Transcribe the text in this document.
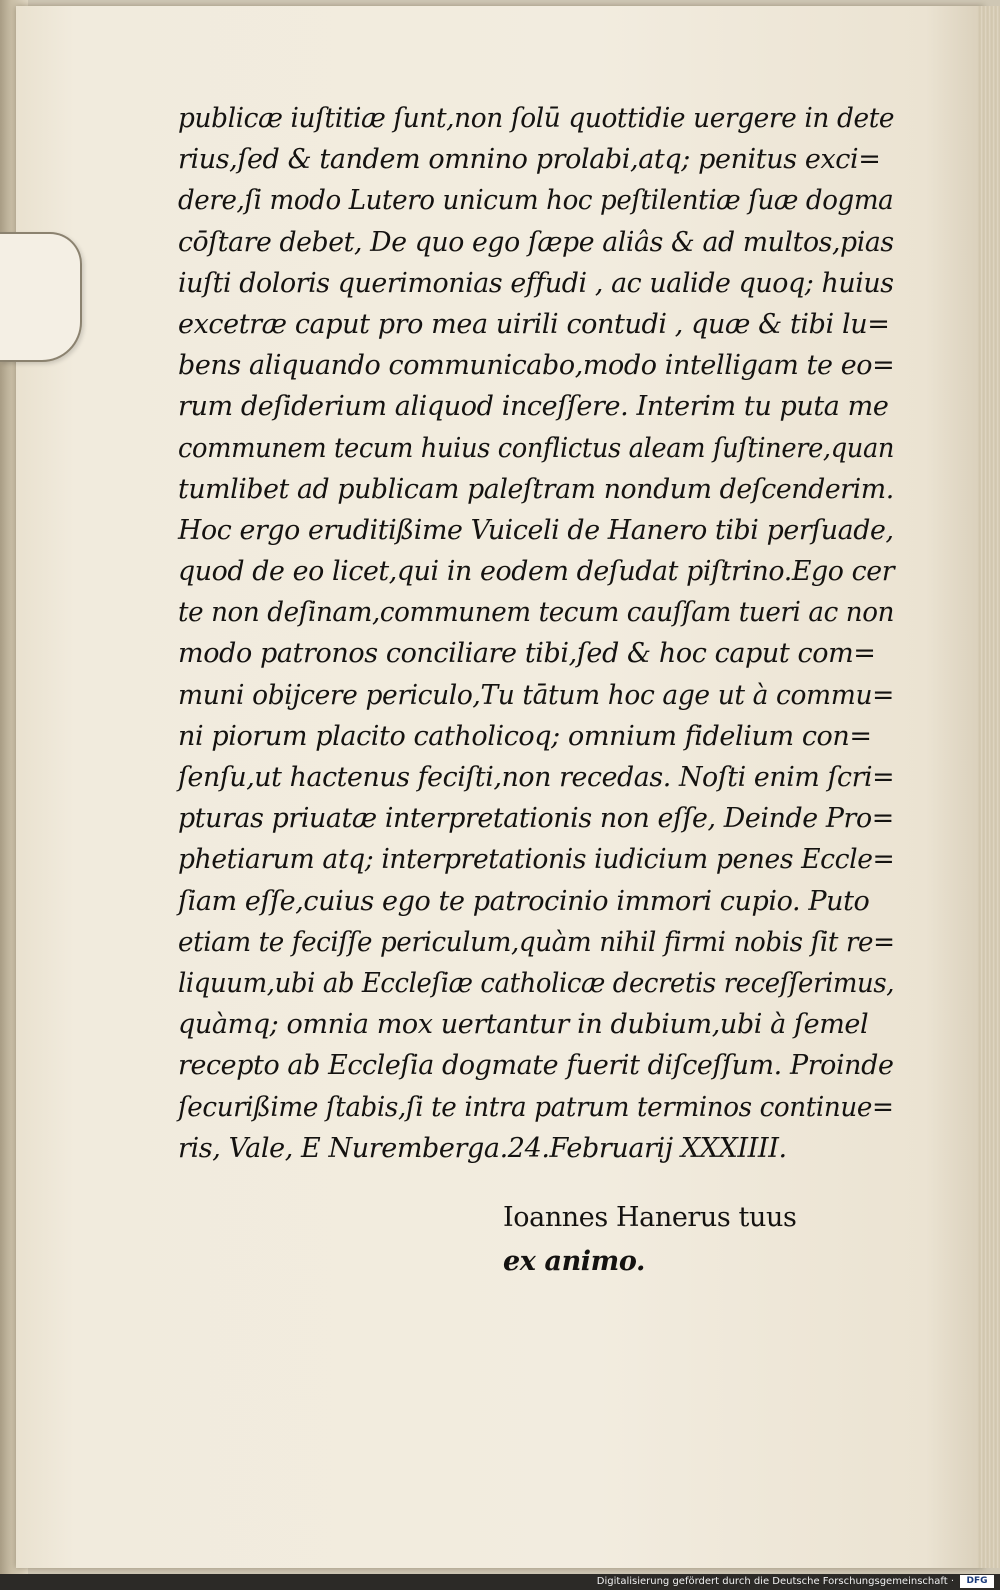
publicæ iuſtitiæ ſunt,non ſolū quottidie uergere in dete
rius,ſed & tandem omnino prolabi,atq; penitus exci=
dere,ſi modo Lutero unicum hoc peſtilentiæ ſuæ dogma
cōſtare debet, De quo ego ſæpe aliâs & ad multos,pias
iuſti doloris querimonias effudi , ac ualide quoq; huius
excetræ caput pro mea uirili contudi , quæ & tibi lu=
bens aliquando communicabo,modo intelligam te eo=
rum deſiderium aliquod inceſſere. Interim tu puta me
communem tecum huius conflictus aleam ſuſtinere,quan
tumlibet ad publicam paleſtram nondum deſcenderim.
Hoc ergo eruditißime Vuiceli de Hanero tibi perſuade,
quod de eo licet,qui in eodem deſudat piſtrino.Ego cer
te non deſinam,communem tecum cauſſam tueri ac non
modo patronos conciliare tibi,ſed & hoc caput com=
muni obijcere periculo,Tu tātum hoc age ut à commu=
ni piorum placito catholicoq; omnium fidelium con=
ſenſu,ut hactenus feciſti,non recedas. Noſti enim ſcri=
pturas priuatæ interpretationis non eſſe, Deinde Pro=
phetiarum atq; interpretationis iudicium penes Eccle=
ſiam eſſe,cuius ego te patrocinio immori cupio. Puto
etiam te feciſſe periculum,quàm nihil firmi nobis ſit re=
liquum,ubi ab Eccleſiæ catholicæ decretis receſſerimus,
quàmq; omnia mox uertantur in dubium,ubi à ſemel
recepto ab Eccleſia dogmate fuerit diſceſſum. Proinde
ſecurißime ſtabis,ſi te intra patrum terminos continue=
ris, Vale, E Nuremberga.24.Februarij XXXIIII.
Ioannes Hanerus tuus
ex animo.
Digitalisierung gefördert durch die Deutsche Forschungsgemeinschaft ·	DFG
